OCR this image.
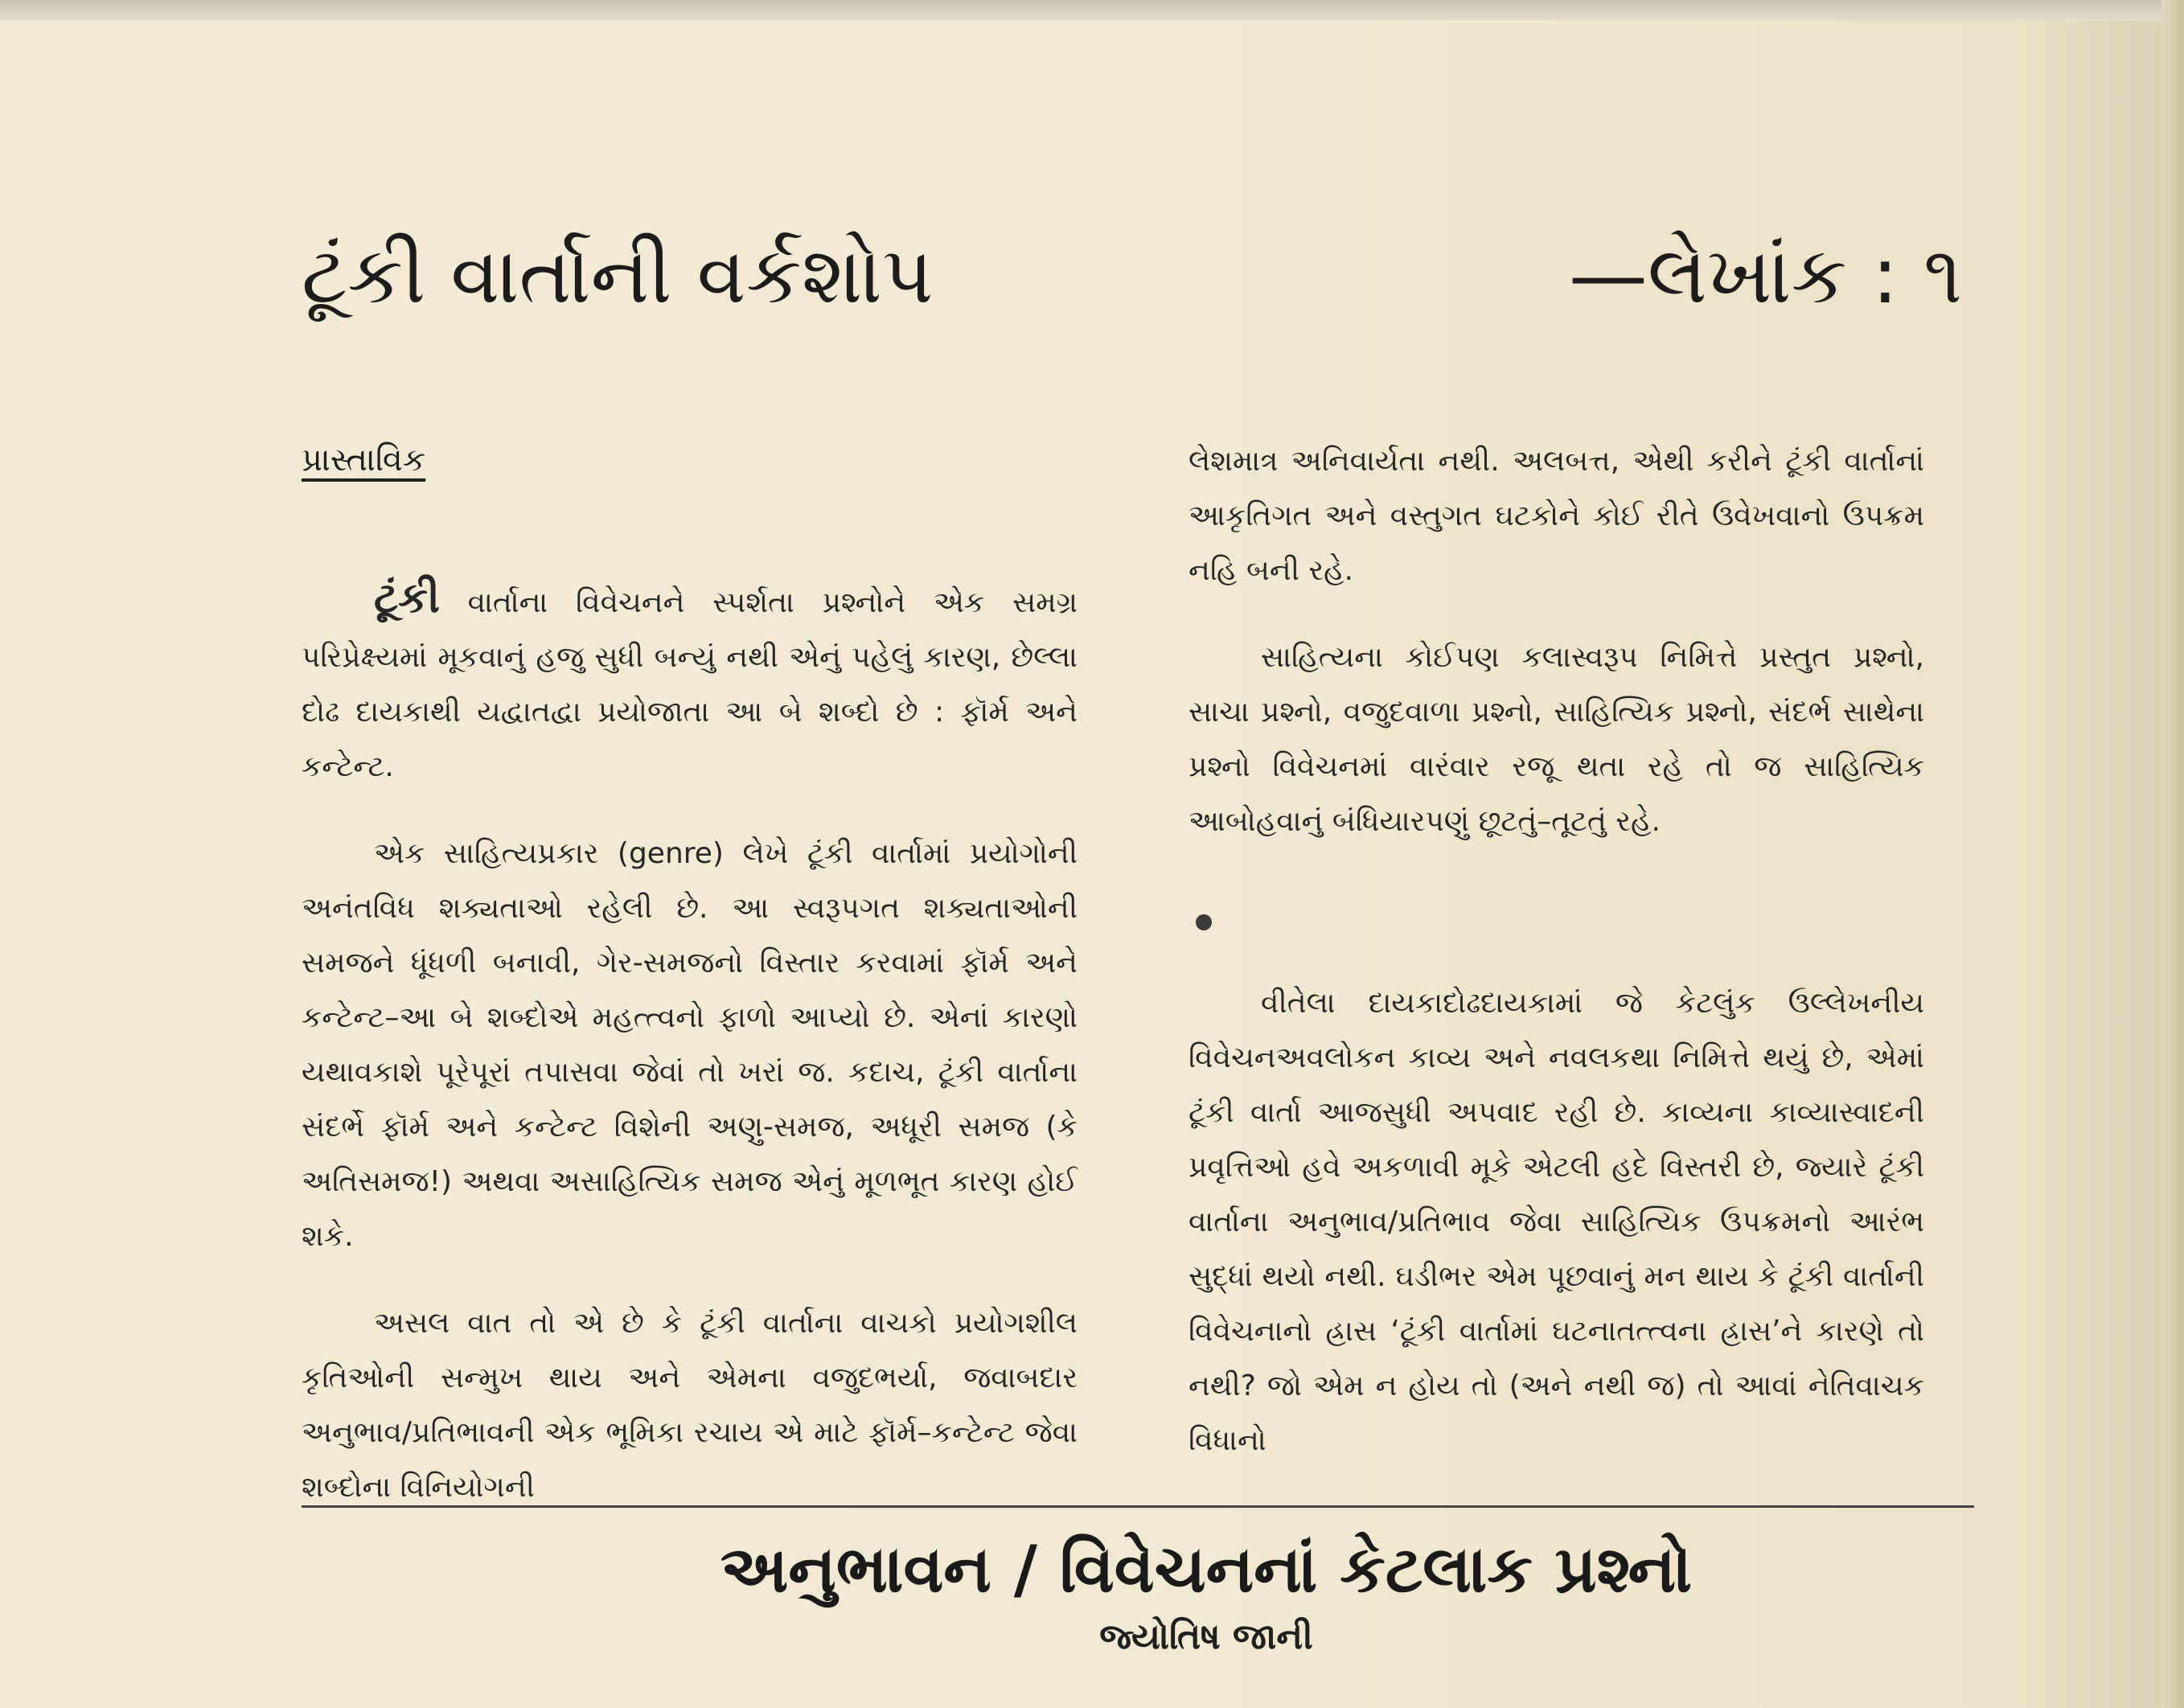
ટૂંકી વાર્તાની વર્કશોપ	—લેખાંક : ૧
પ્રાસ્તાવિક

ટૂંકી વાર્તાના વિવેચનને સ્પર્શતા પ્રશ્નોને એક સમગ્ર પરિપ્રેક્ષ્યમાં મૂકવાનું હજુ સુધી બન્યું નથી એનું પહેલું કારણ, છેલ્લા દોઢ દાયકાથી યદ્વાતદ્વા પ્રયોજાતા આ બે શબ્દો છે : ફૉર્મ અને કન્ટેન્ટ.

એક સાહિત્યપ્રકાર (genre) લેખે ટૂંકી વાર્તામાં પ્રયોગોની અનંતવિધ શક્યતાઓ રહેલી છે. આ સ્વરૂપગત શક્યતાઓની સમજને ધૂંધળી બનાવી, ગેર-સમજનો વિસ્તાર કરવામાં ફૉર્મ અને કન્ટેન્ટ–આ બે શબ્દોએ મહત્ત્વનો ફાળો આપ્યો છે. એનાં કારણો યથાવકાશે પૂરેપૂરાં તપાસવા જેવાં તો ખરાં જ. કદાચ, ટૂંકી વાર્તાના સંદર્ભે ફૉર્મ અને કન્ટેન્ટ વિશેની અણુ-સમજ, અધૂરી સમજ (કે અતિસમજ!) અથવા અસાહિત્યિક સમજ એનું મૂળભૂત કારણ હોઈ શકે.

અસલ વાત તો એ છે કે ટૂંકી વાર્તાના વાચકો પ્રયોગશીલ કૃતિઓની સન્મુખ થાય અને એમના વજુદભર્યા, જવાબદાર અનુભાવ/પ્રતિભાવની એક ભૂમિકા રચાય એ માટે ફૉર્મ–કન્ટેન્ટ જેવા શબ્દોના વિનિયોગની

લેશમાત્ર અનિવાર્યતા નથી. અલબત્ત, એથી કરીને ટૂંકી વાર્તાનાં આકૃતિગત અને વસ્તુગત ઘટકોને કોઈ રીતે ઉવેખવાનો ઉપક્રમ નહિ બની રહે.

સાહિત્યના કોઈપણ કલાસ્વરૂપ નિમિત્તે પ્રસ્તુત પ્રશ્નો, સાચા પ્રશ્નો, વજુદવાળા પ્રશ્નો, સાહિત્યિક પ્રશ્નો, સંદર્ભ સાથેના પ્રશ્નો વિવેચનમાં વારંવાર રજૂ થતા રહે તો જ સાહિત્યિક આબોહવાનું બંધિયારપણું છૂટતું–તૂટતું રહે.

વીતેલા દાયકાદોઢદાયકામાં જે કેટલુંક ઉલ્લેખનીય વિવેચનઅવલોકન કાવ્ય અને નવલકથા નિમિત્તે થયું છે, એમાં ટૂંકી વાર્તા આજસુધી અપવાદ રહી છે. કાવ્યના કાવ્યાસ્વાદની પ્રવૃત્તિઓ હવે અકળાવી મૂકે એટલી હદે વિસ્તરી છે, જ્યારે ટૂંકી વાર્તાના અનુભાવ/પ્રતિભાવ જેવા સાહિત્યિક ઉપક્રમનો આરંભ સુદ્ધાં થયો નથી. ઘડીભર એમ પૂછવાનું મન થાય કે ટૂંકી વાર્તાની વિવેચનાનો હ્રાસ ‘ટૂંકી વાર્તામાં ઘટનાતત્ત્વના હ્રાસ’ને કારણે તો નથી? જો એમ ન હોય તો (અને નથી જ) તો આવાં નેતિવાચક વિધાનો

અનુભાવન / વિવેચનનાં કેટલાક પ્રશ્નો
જ્યોતિષ જાની
